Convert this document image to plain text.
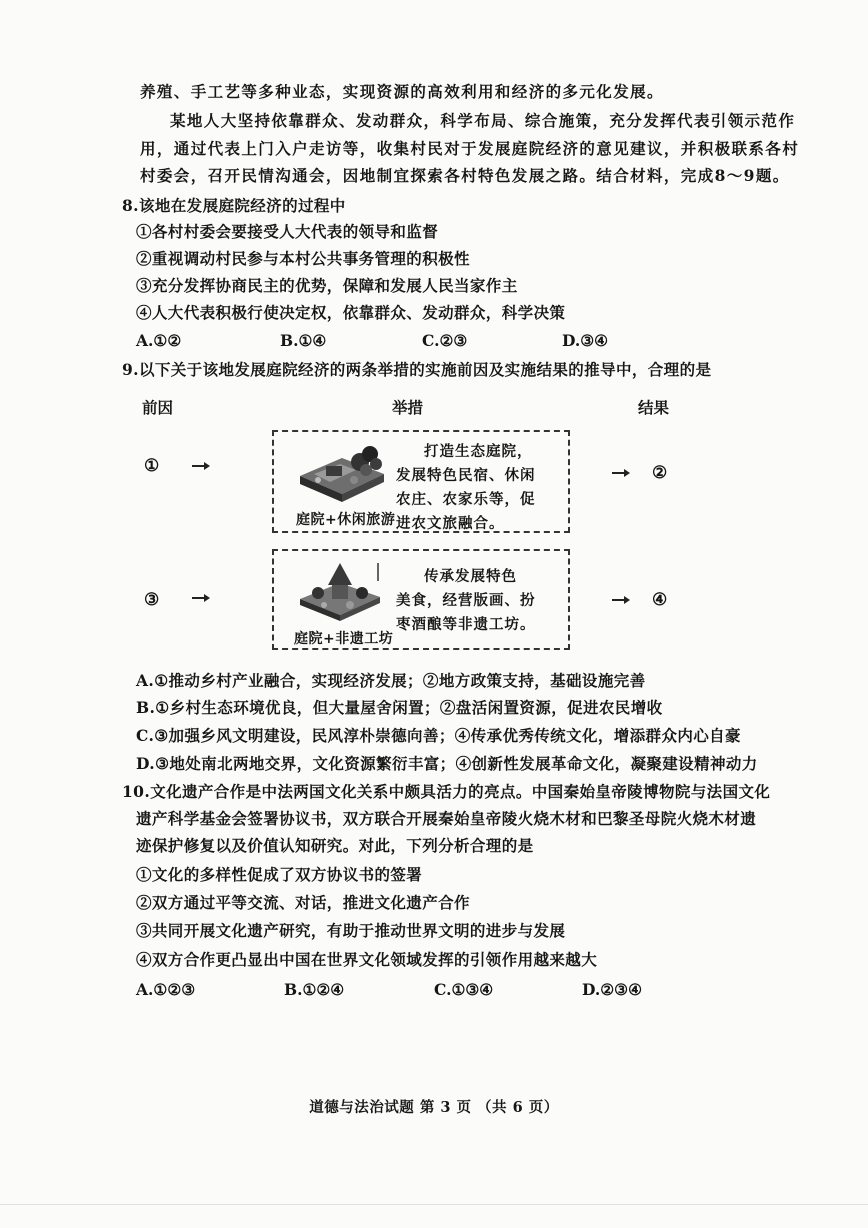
养殖、手工艺等多种业态，实现资源的高效利用和经济的多元化发展。
某地人大坚持依靠群众、发动群众，科学布局、综合施策，充分发挥代表引领示范作
用，通过代表上门入户走访等，收集村民对于发展庭院经济的意见建议，并积极联系各村
村委会，召开民情沟通会，因地制宜探索各村特色发展之路。结合材料，完成8～9题。
8.该地在发展庭院经济的过程中
①各村村委会要接受人大代表的领导和监督
②重视调动村民参与本村公共事务管理的积极性
③充分发挥协商民主的优势，保障和发展人民当家作主
④人大代表积极行使决定权，依靠群众、发动群众，科学决策
A.①②	B.①④	C.②③	D.③④
9.以下关于该地发展庭院经济的两条举措的实施前因及实施结果的推导中，合理的是
前因	举措	结果
①
庭院+休闲旅游
打造生态庭院，
发展特色民宿、休闲
农庄、农家乐等，促
进农文旅融合。
②
③
庭院+非遗工坊
传承发展特色
美食，经营版画、扮
枣酒酿等非遗工坊。
④
A.①推动乡村产业融合，实现经济发展；②地方政策支持，基础设施完善
B.①乡村生态环境优良，但大量屋舍闲置；②盘活闲置资源，促进农民增收
C.③加强乡风文明建设，民风淳朴崇德向善；④传承优秀传统文化，增添群众内心自豪
D.③地处南北两地交界，文化资源繁衍丰富；④创新性发展革命文化，凝聚建设精神动力
10.文化遗产合作是中法两国文化关系中颇具活力的亮点。中国秦始皇帝陵博物院与法国文化
遗产科学基金会签署协议书，双方联合开展秦始皇帝陵火烧木材和巴黎圣母院火烧木材遗
迹保护修复以及价值认知研究。对此，下列分析合理的是
①文化的多样性促成了双方协议书的签署
②双方通过平等交流、对话，推进文化遗产合作
③共同开展文化遗产研究，有助于推动世界文明的进步与发展
④双方合作更凸显出中国在世界文化领域发挥的引领作用越来越大
A.①②③	B.①②④	C.①③④	D.②③④
道德与法治试题 第 3 页 （共 6 页）
